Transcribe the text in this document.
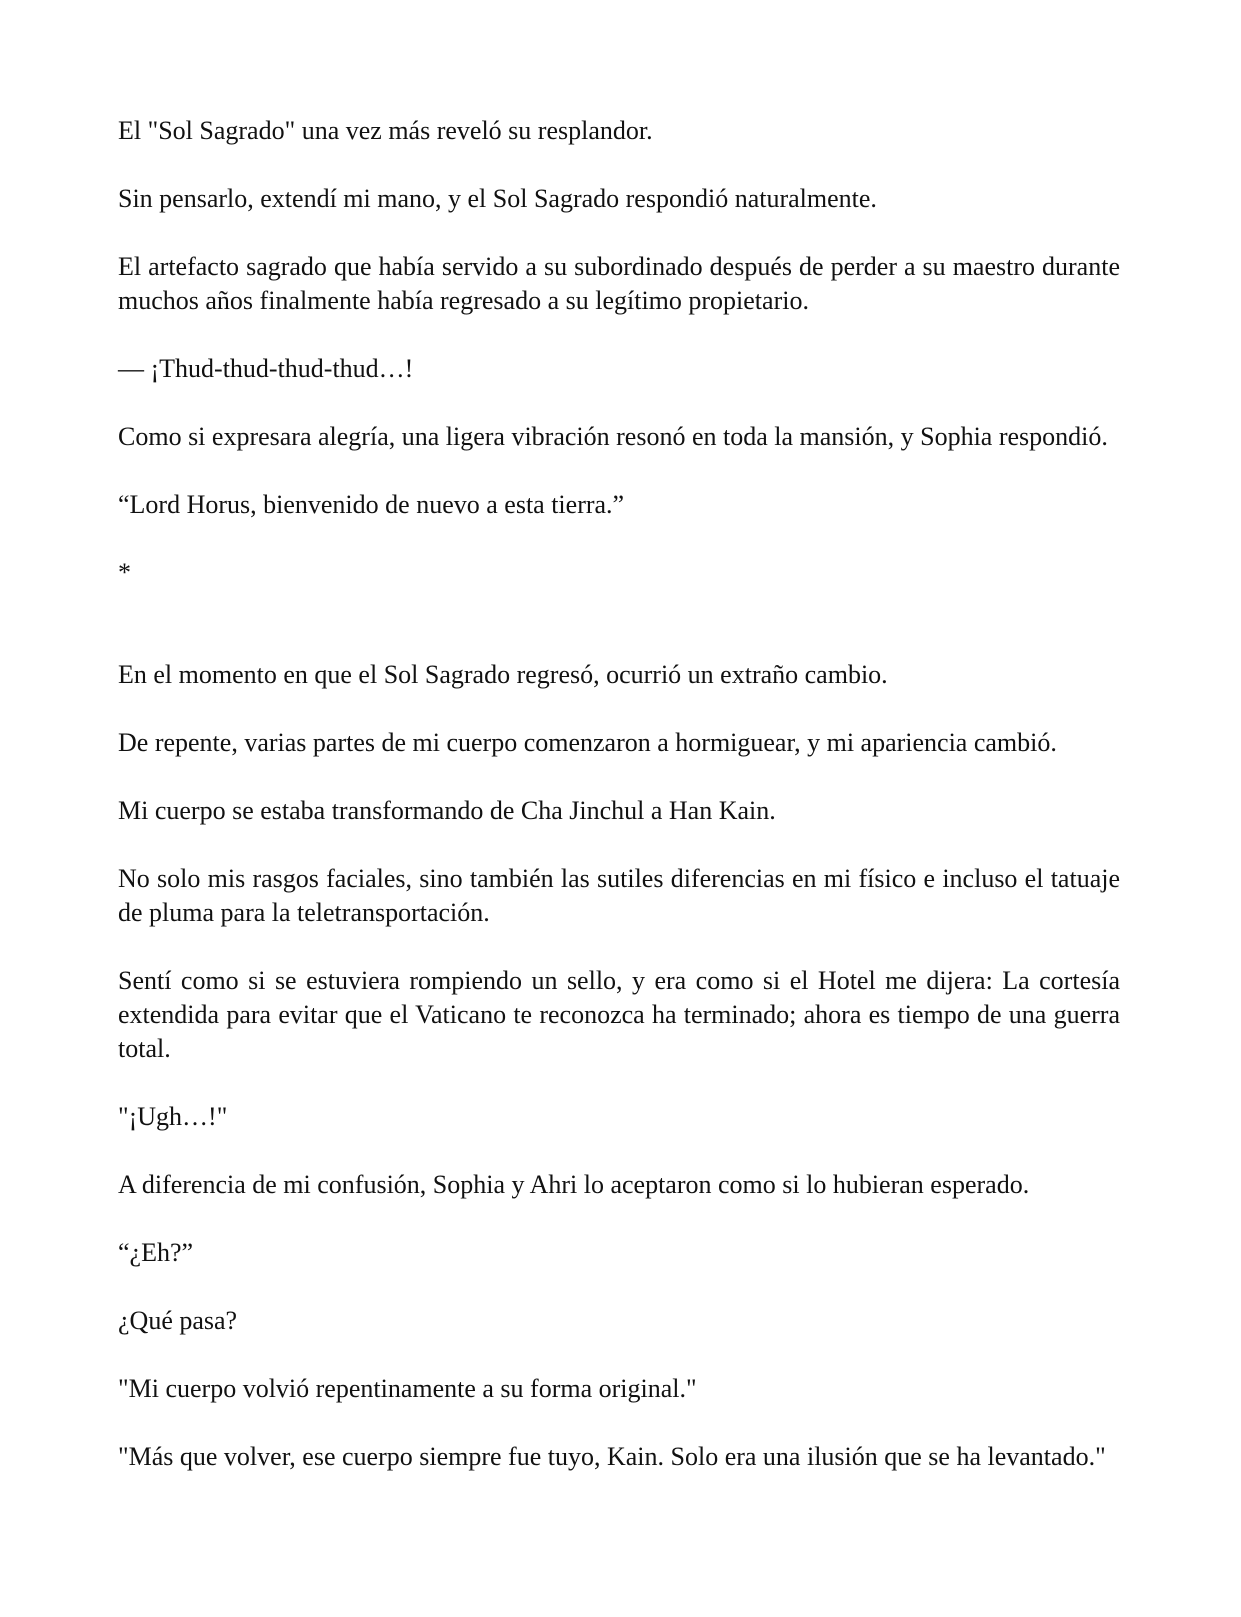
El "Sol Sagrado" una vez más reveló su resplandor.

Sin pensarlo, extendí mi mano, y el Sol Sagrado respondió naturalmente.

El artefacto sagrado que había servido a su subordinado después de perder a su maestro durante muchos años finalmente había regresado a su legítimo propietario.

— ¡Thud-thud-thud-thud…!

Como si expresara alegría, una ligera vibración resonó en toda la mansión, y Sophia respondió.

“Lord Horus, bienvenido de nuevo a esta tierra.”

*

En el momento en que el Sol Sagrado regresó, ocurrió un extraño cambio.

De repente, varias partes de mi cuerpo comenzaron a hormiguear, y mi apariencia cambió.

Mi cuerpo se estaba transformando de Cha Jinchul a Han Kain.

No solo mis rasgos faciales, sino también las sutiles diferencias en mi físico e incluso el tatuaje de pluma para la teletransportación.

Sentí como si se estuviera rompiendo un sello, y era como si el Hotel me dijera: La cortesía extendida para evitar que el Vaticano te reconozca ha terminado; ahora es tiempo de una guerra total.

"¡Ugh…!"

A diferencia de mi confusión, Sophia y Ahri lo aceptaron como si lo hubieran esperado.

“¿Eh?”

¿Qué pasa?

"Mi cuerpo volvió repentinamente a su forma original."

"Más que volver, ese cuerpo siempre fue tuyo, Kain. Solo era una ilusión que se ha levantado."
